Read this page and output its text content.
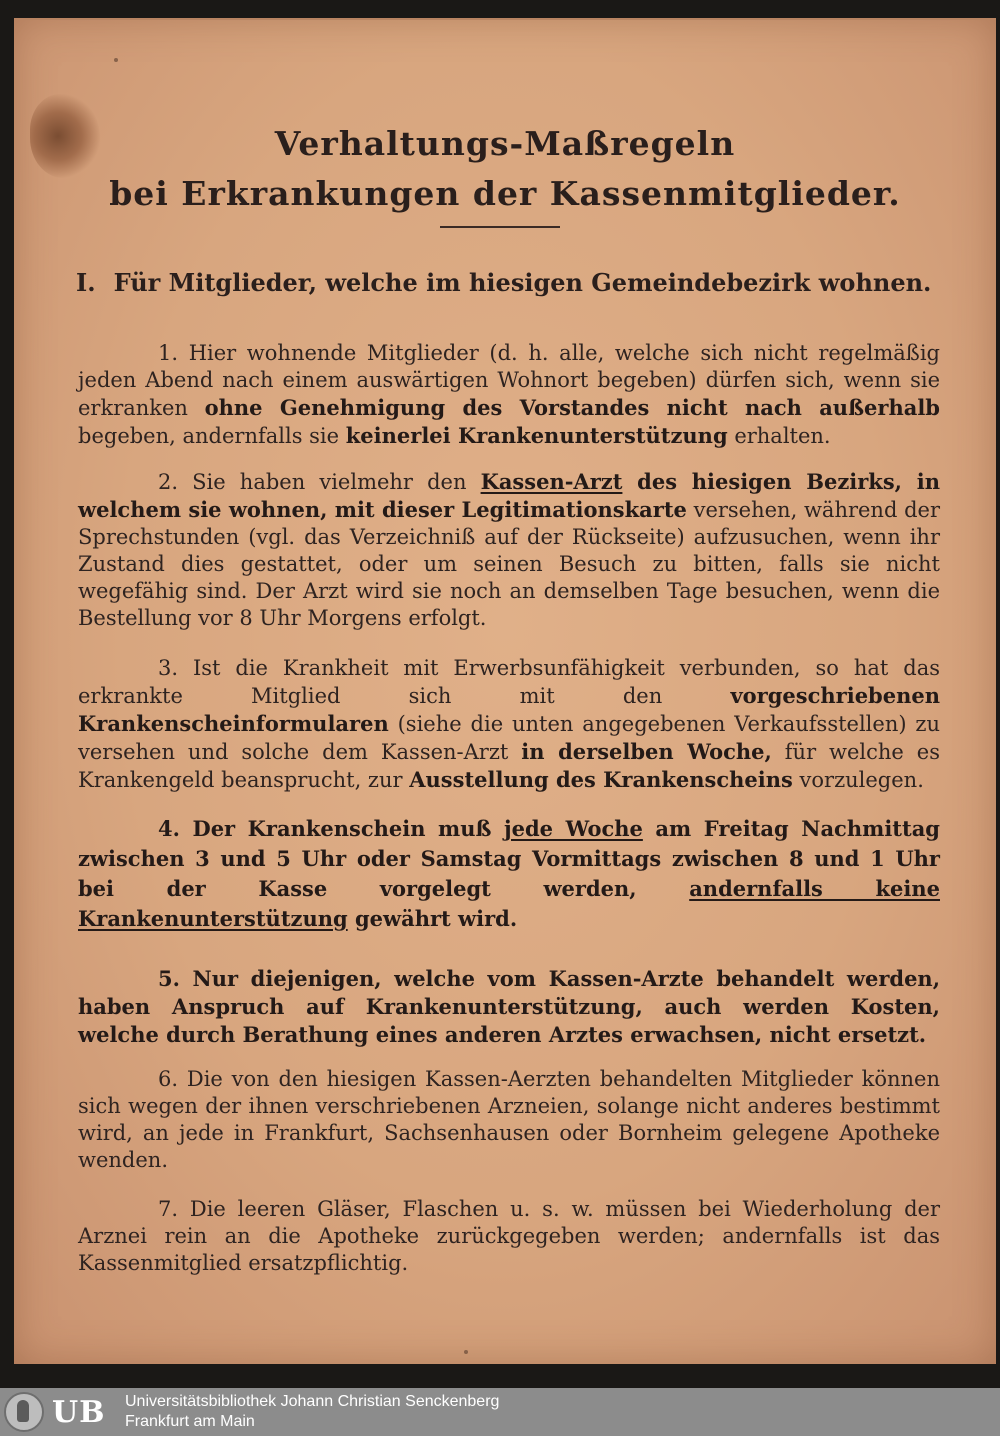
Verhaltungs-Maßregeln
bei Erkrankungen der Kassenmitglieder.
I. Für Mitglieder, welche im hiesigen Gemeindebezirk wohnen.
1. Hier wohnende Mitglieder (d. h. alle, welche sich nicht regelmäßig jeden Abend nach einem auswärtigen Wohnort begeben) dürfen sich, wenn sie erkranken ohne Genehmigung des Vorstandes nicht nach außerhalb begeben, andernfalls sie keinerlei Krankenunterstützung erhalten.
2. Sie haben vielmehr den Kassen-Arzt des hiesigen Bezirks, in welchem sie wohnen, mit dieser Legitimationskarte versehen, während der Sprechstunden (vgl. das Verzeichniß auf der Rückseite) aufzusuchen, wenn ihr Zustand dies gestattet, oder um seinen Besuch zu bitten, falls sie nicht wegefähig sind. Der Arzt wird sie noch an demselben Tage besuchen, wenn die Bestellung vor 8 Uhr Morgens erfolgt.
3. Ist die Krankheit mit Erwerbsunfähigkeit verbunden, so hat das erkrankte Mitglied sich mit den vorgeschriebenen Krankenscheinformularen (siehe die unten angegebenen Verkaufsstellen) zu versehen und solche dem Kassen-Arzt in derselben Woche, für welche es Krankengeld beansprucht, zur Ausstellung des Krankenscheins vorzulegen.
4. Der Krankenschein muß jede Woche am Freitag Nachmittag zwischen 3 und 5 Uhr oder Samstag Vormittags zwischen 8 und 1 Uhr bei der Kasse vorgelegt werden, andernfalls keine Krankenunterstützung gewährt wird.
5. Nur diejenigen, welche vom Kassen-Arzte behandelt werden, haben Anspruch auf Krankenunterstützung, auch werden Kosten, welche durch Berathung eines anderen Arztes erwachsen, nicht ersetzt.
6. Die von den hiesigen Kassen-Aerzten behandelten Mitglieder können sich wegen der ihnen verschriebenen Arzneien, solange nicht anderes bestimmt wird, an jede in Frankfurt, Sachsenhausen oder Bornheim gelegene Apotheke wenden.
7. Die leeren Gläser, Flaschen u. s. w. müssen bei Wiederholung der Arznei rein an die Apotheke zurückgegeben werden; andernfalls ist das Kassenmitglied ersatzpflichtig.
UB Universitätsbibliothek Johann Christian Senckenberg
Frankfurt am Main
